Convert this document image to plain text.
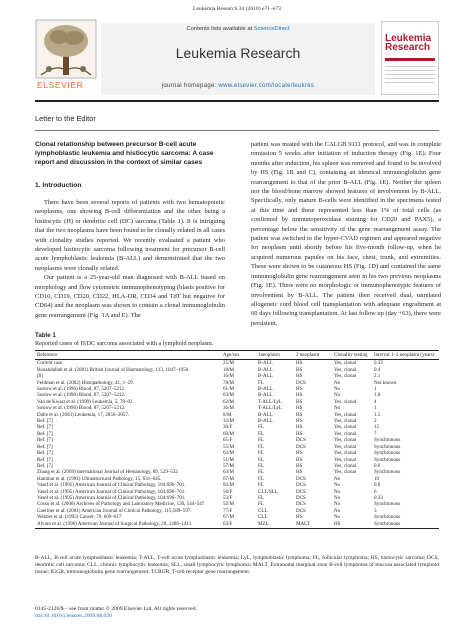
Leukemia Research 34 (2010) e71–e73
ELSEVIER
Contents lists available at ScienceDirect
Leukemia Research
journal homepage: www.elsevier.com/locate/leukres
Leukemia
Research
Letter to the Editor
Clonal relationship between precursor B-cell acute lymphoblastic leukemia and histiocytic sarcoma: A case report and discussion in the context of similar cases
1. Introduction

There have been several reports of patients with two hematopoietic neoplasms, one showing B-cell differentiation and the other being a histiocytic (H) or dendritic cell (DC) sarcoma (Table 1). It is intriguing that the two neoplasms have been found to be clonally related in all cases with clonality studies reported. We recently evaluated a patient who developed histiocytic sarcoma following treatment for precursor B-cell acute lymphoblastic leukemia (B-ALL) and demonstrated that the two neoplasms were clonally related.

Our patient is a 25-year-old man diagnosed with B-ALL based on morphology and flow cytometric immunophenotyping (blasts positive for CD10, CD19, CD20, CD22, HLA-DR, CD34 and TdT but negative for CD64) and the neoplasm was shown to contain a clonal immunoglobulin gene rearrangement (Fig. 1A and E). The

patient was treated with the CALGB 9111 protocol, and was in complete remission 5 weeks after initiation of induction therapy (Fig. 1E). Four months after induction, his spleen was removed and found to be involved by HS (Fig. 1B and C), containing an identical immunoglobulin gene rearrangement to that of the prior B-ALL (Fig. 1E). Neither the spleen nor the blood/bone marrow showed features of involvement by B-ALL. Specifically, only mature B-cells were identified in the specimens tested at this time and these represented less than 1% of total cells (as confirmed by immunoperoxidase staining for CD20 and PAX5), a percentage below the sensitivity of the gene rearrangement assay. The patient was switched to the hyper-CVAD regimen and appeared negative for neoplasm until shortly before his five-month follow-up, when he acquired numerous papules on his face, chest, trunk, and extremities. These were shown to be cutaneous HS (Fig. 1D) and contained the same immunoglobulin gene rearrangement seen in his two previous neoplasms (Fig. 1E). There were no morphologic or immunophenotypic features of involvement by B-ALL. The patient then received dual, unrelated allogeneic cord blood cell transplantation with adequate engraftment at 60 days following transplantation. At last follow up (day +63), there were persistent,

Table 1
Reported cases of H/DC sarcoma associated with a lymphoid neoplasm.
Reference	Age/sex	1neoplasm	2 neoplasm	Clonality testing	Interval 1–2 neoplasm (years)
Current case	25/M	B-ALL	HS	Yes, clonal	0.33
Bouabdallah et al. (2001) British Journal of Haematology, 113, 1047–1050.	18/M	B-ALL	HS	Yes, clonal	0.4
[8]	16/M	B-ALL	HS	Yes, clonal	2.1
Feldman et al. (2002) Histopathology, 41, 1–29.	78/M	FL	DCS	No	Not known
Soslow et al. (1996) Blood, 87, 5207–5212.	61/M	B-ALL	HS	No	1
Soslow et al. (1996) Blood, 87, 5207–5212.	63/M	B-ALL	HS	No	1.8
Van de Kwast et al. (1999) Leukemia, 5, 78–82.	62/M	T-ALL/LyL	HS	Yes, clonal	4
Soslow et al. (1996) Blood, 87, 5207–5212.	36/M	T-ALL/LyL	HS	No	1
Dalle et al. (2003) Leukemia, 17, 2056–2057.	8/M	B-ALL	HS	Yes, clonal	1.5
Ref. [7]	32/M	B-ALL	HS	Yes, clonal	2
Ref. [7]	30/F	FL	HS	Yes, clonal	12
Ref. [7]	60/M	FL	HS	Yes, clonal	7
Ref. [7]	65/F	FL	DCS	Yes, clonal	Synchronous
Ref. [7]	55/M	FL	DCS	Yes, clonal	Synchronous
Ref. [7]	62/M	FL	HS	Yes, clonal	Synchronous
Ref. [7]	51/M	FL	HS	Yes, clonal	Synchronous
Ref. [7]	57/M	FL	HS	Yes, clonal	0.6
Zhang et al. (2009) International Journal of Hematology, 89, 529–532	63/M	FL	HS	Yes, clonal	Synchronous
Hammar et al. (1991) Ultrastructural Pathology, 15, 631–645.	67/M	FL	DCS	No	10
Vasef et al. (1995) American Journal of Clinical Pathology, 104:696–701.	82/M	FL	DCS	No	0.8
Vasef et al. (1995) American Journal of Clinical Pathology, 104:696–701.	56/F	CLL/SLL	DCS	No	6
Vasef et al. (1995) American Journal of Clinical Pathology, 104:696–701.	53/F	FL	DCS	No	0.33
Cossu et al. (2006) Archives of Pathology and Laboratory Medicine, 130, 544–547.	52/M	FL	DCS	No	Synchronous
Gaertner et al. (2001) American Journal of Clinical Pathology, 115,589–597.	77/F	CLL	DCS	No	3
Wetzler et al. (1995) Cancer, 76, 609–617.	67/M	CLL	HS	No	Synchronous
Alvaro et al. (1996) American Journal of Surgical Pathology, 20, 1406–1411.	63/F	MZL	MALT	HS	Synchronous
B-ALL, B-cell acute lymphoblastic leukemia; T-ALL, T-cell acute lymphoblastic leukemia; LyL, lymphoblastic lymphoma; FL, follicular lymphoma; HS, histiocytic sarcoma; DCS, dendritic cell sarcoma; CLL, chronic lymphocytic leukemia; SLL, small lymphocytic lymphoma; MALT, Extranodal marginal zone B-cell lymphoma of mucosa associated lymphoid tissue; IGGR, immunoglobulin gene rearrangement; TCRGR, T-cell receptor gene rearrangement.
0145-2126/$ – see front matter © 2009 Elsevier Ltd. All rights reserved.
doi:10.1016/j.leukres.2009.08.020
